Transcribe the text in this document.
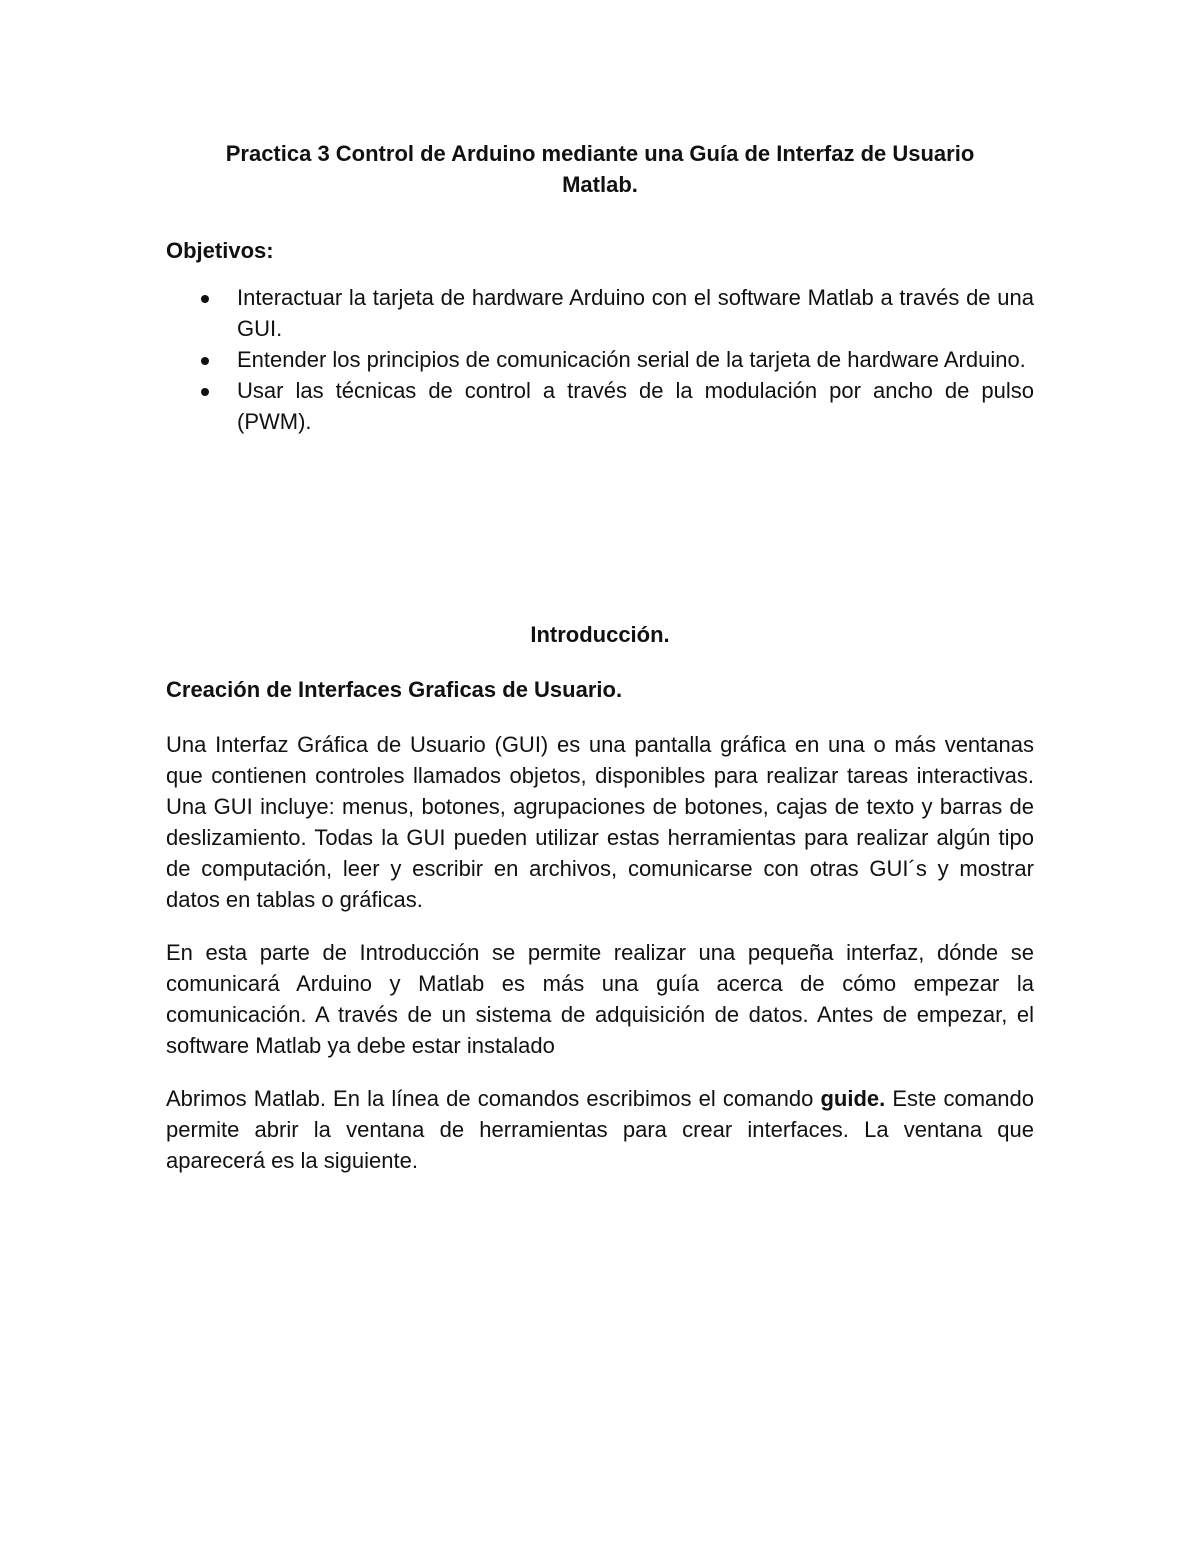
Practica 3 Control de Arduino mediante una Guía de Interfaz de Usuario Matlab.
Objetivos:
Interactuar la tarjeta de hardware Arduino con el software Matlab a través de una GUI.
Entender los principios de comunicación serial de la tarjeta de hardware Arduino.
Usar las técnicas de control a través de la modulación por ancho de pulso (PWM).
Introducción.
Creación de Interfaces Graficas de Usuario.

Una Interfaz Gráfica de Usuario (GUI) es una pantalla gráfica en una o más ventanas que contienen controles llamados objetos, disponibles para realizar tareas interactivas. Una GUI incluye: menus, botones, agrupaciones de botones, cajas de texto y barras de deslizamiento. Todas la GUI pueden utilizar estas herramientas para realizar algún tipo de computación, leer y escribir en archivos, comunicarse con otras GUI´s y mostrar datos en tablas o gráficas.

En esta parte de Introducción se permite realizar una pequeña interfaz, dónde se comunicará Arduino y Matlab es más una guía acerca de cómo empezar la comunicación. A través de un sistema de adquisición de datos. Antes de empezar, el software Matlab ya debe estar instalado

Abrimos Matlab. En la línea de comandos escribimos el comando guide. Este comando permite abrir la ventana de herramientas para crear interfaces. La ventana que aparecerá es la siguiente.
